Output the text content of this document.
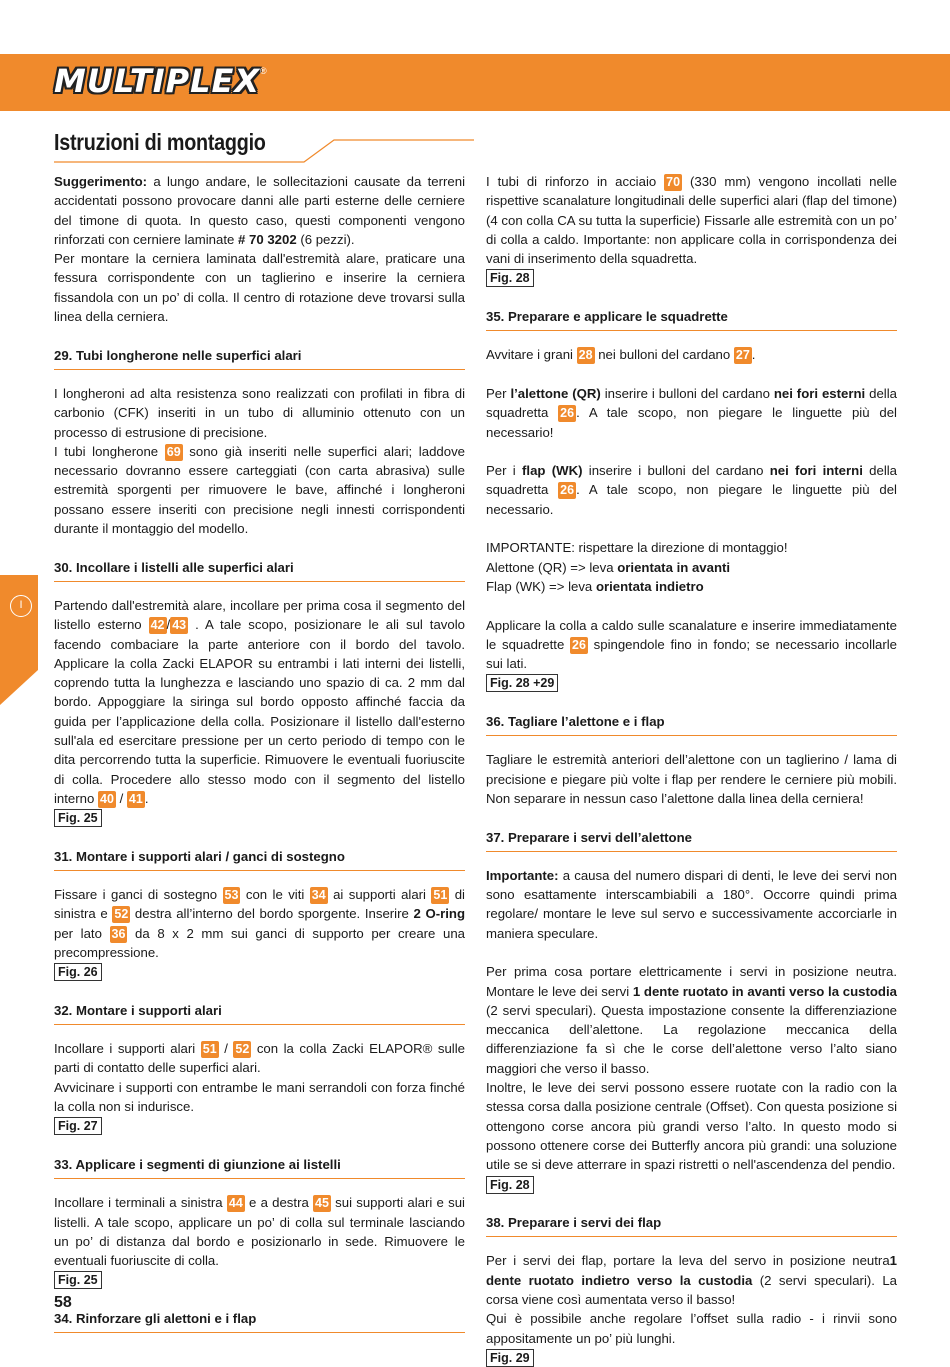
MULTIPLEX ®
Istruzioni di montaggio
I

Suggerimento: a lungo andare, le sollecitazioni causate da terreni accidentati possono provocare danni alle parti esterne delle cerniere del timone di quota. In questo caso, questi componenti vengono rinforzati con cerniere laminate # 70 3202 (6 pezzi).

Per montare la cerniera laminata dall'estremità alare, praticare una fessura corrispondente con un taglierino e inserire la cerniera fissandola con un po’ di colla. Il centro di rotazione deve trovarsi sulla linea della cerniera.

29. Tubi longherone nelle superfici alari

I longheroni ad alta resistenza sono realizzati con profilati in fibra di carbonio (CFK) inseriti in un tubo di alluminio ottenuto con un processo di estrusione di precisione.

I tubi longherone 69 sono già inseriti nelle superfici alari; laddove necessario dovranno essere carteggiati (con carta abrasiva) sulle estremità sporgenti per rimuovere le bave, affinché i longheroni possano essere inseriti con precisione negli innesti corrispondenti durante il montaggio del modello.

30. Incollare i listelli alle superfici alari

Partendo dall'estremità alare, incollare per prima cosa il segmento del listello esterno 42 / 43 . A tale scopo, posizionare le ali sul tavolo facendo combaciare la parte anteriore con il bordo del tavolo. Applicare la colla Zacki ELAPOR su entrambi i lati interni dei listelli, coprendo tutta la lunghezza e lasciando uno spazio di ca. 2 mm dal bordo. Appoggiare la siringa sul bordo opposto affinché faccia da guida per l’applicazione della colla. Posizionare il listello dall'esterno sull'ala ed esercitare pressione per un certo periodo di tempo con le dita percorrendo tutta la superficie. Rimuovere le eventuali fuoriuscite di colla. Procedere allo stesso modo con il segmento del listello interno 40 / 41 .

Fig. 25

31. Montare i supporti alari / ganci di sostegno

Fissare i ganci di sostegno 53 con le viti 34 ai supporti alari 51 di sinistra e 52 destra all’interno del bordo sporgente. Inserire 2 O-ring per lato 36 da 8 x 2 mm sui ganci di supporto per creare una precompressione.

Fig. 26

32. Montare i supporti alari

Incollare i supporti alari 51 / 52 con la colla Zacki ELAPOR® sulle parti di contatto delle superfici alari.

Avvicinare i supporti con entrambe le mani serrandoli con forza finché la colla non si indurisce.

Fig. 27

33. Applicare i segmenti di giunzione ai listelli

Incollare i terminali a sinistra 44 e a destra 45 sui supporti alari e sui listelli. A tale scopo, applicare un po’ di colla sul terminale lasciando un po’ di distanza dal bordo e posizionarlo in sede. Rimuovere le eventuali fuoriuscite di colla.

Fig. 25

34. Rinforzare gli alettoni e i flap

I tubi di rinforzo in acciaio 70 (330 mm) vengono incollati nelle rispettive scanalature longitudinali delle superfici alari (flap del timone) (4 con colla CA su tutta la superficie) Fissarle alle estremità con un po’ di colla a caldo. Importante: non applicare colla in corrispondenza dei vani di inserimento della squadretta.

Fig. 28

35. Preparare e applicare le squadrette

Avvitare i grani 28 nei bulloni del cardano 27 .

Per l’alettone (QR) inserire i bulloni del cardano nei fori esterni della squadretta 26 . A tale scopo, non piegare le linguette più del necessario!

Per i flap (WK) inserire i bulloni del cardano nei fori interni della squadretta 26 . A tale scopo, non piegare le linguette più del necessario.

IMPORTANTE: rispettare la direzione di montaggio!

Alettone (QR) => leva orientata in avanti

Flap (WK) => leva orientata indietro

Applicare la colla a caldo sulle scanalature e inserire immediatamente le squadrette 26 spingendole fino in fondo; se necessario incollarle sui lati.

Fig. 28 +29

36. Tagliare l’alettone e i flap

Tagliare le estremità anteriori dell’alettone con un taglierino / lama di precisione e piegare più volte i flap per rendere le cerniere più mobili. Non separare in nessun caso l’alettone dalla linea della cerniera!

37. Preparare i servi dell’alettone

Importante: a causa del numero dispari di denti, le leve dei servi non sono esattamente interscambiabili a 180°. Occorre quindi prima regolare/ montare le leve sul servo e successivamente accorciarle in maniera speculare.

Per prima cosa portare elettricamente i servi in posizione neutra. Montare le leve dei servi 1 dente ruotato in avanti verso la custodia (2 servi speculari). Questa impostazione consente la differenziazione meccanica dell’alettone. La regolazione meccanica della differenziazione fa sì che le corse dell’alettone verso l’alto siano maggiori che verso il basso.

Inoltre, le leve dei servi possono essere ruotate con la radio con la stessa corsa dalla posizione centrale (Offset). Con questa posizione si ottengono corse ancora più grandi verso l’alto. In questo modo si possono ottenere corse dei Butterfly ancora più grandi: una soluzione utile se si deve atterrare in spazi ristretti o nell'ascendenza del pendio.

Fig. 28

38. Preparare i servi dei flap

Per i servi dei flap, portare la leva del servo in posizione neutra1 dente ruotato indietro verso la custodia (2 servi speculari). La corsa viene così aumentata verso il basso!

Qui è possibile anche regolare l’offset sulla radio - i rinvii sono appositamente un po’ più lunghi.

Fig. 29

58
